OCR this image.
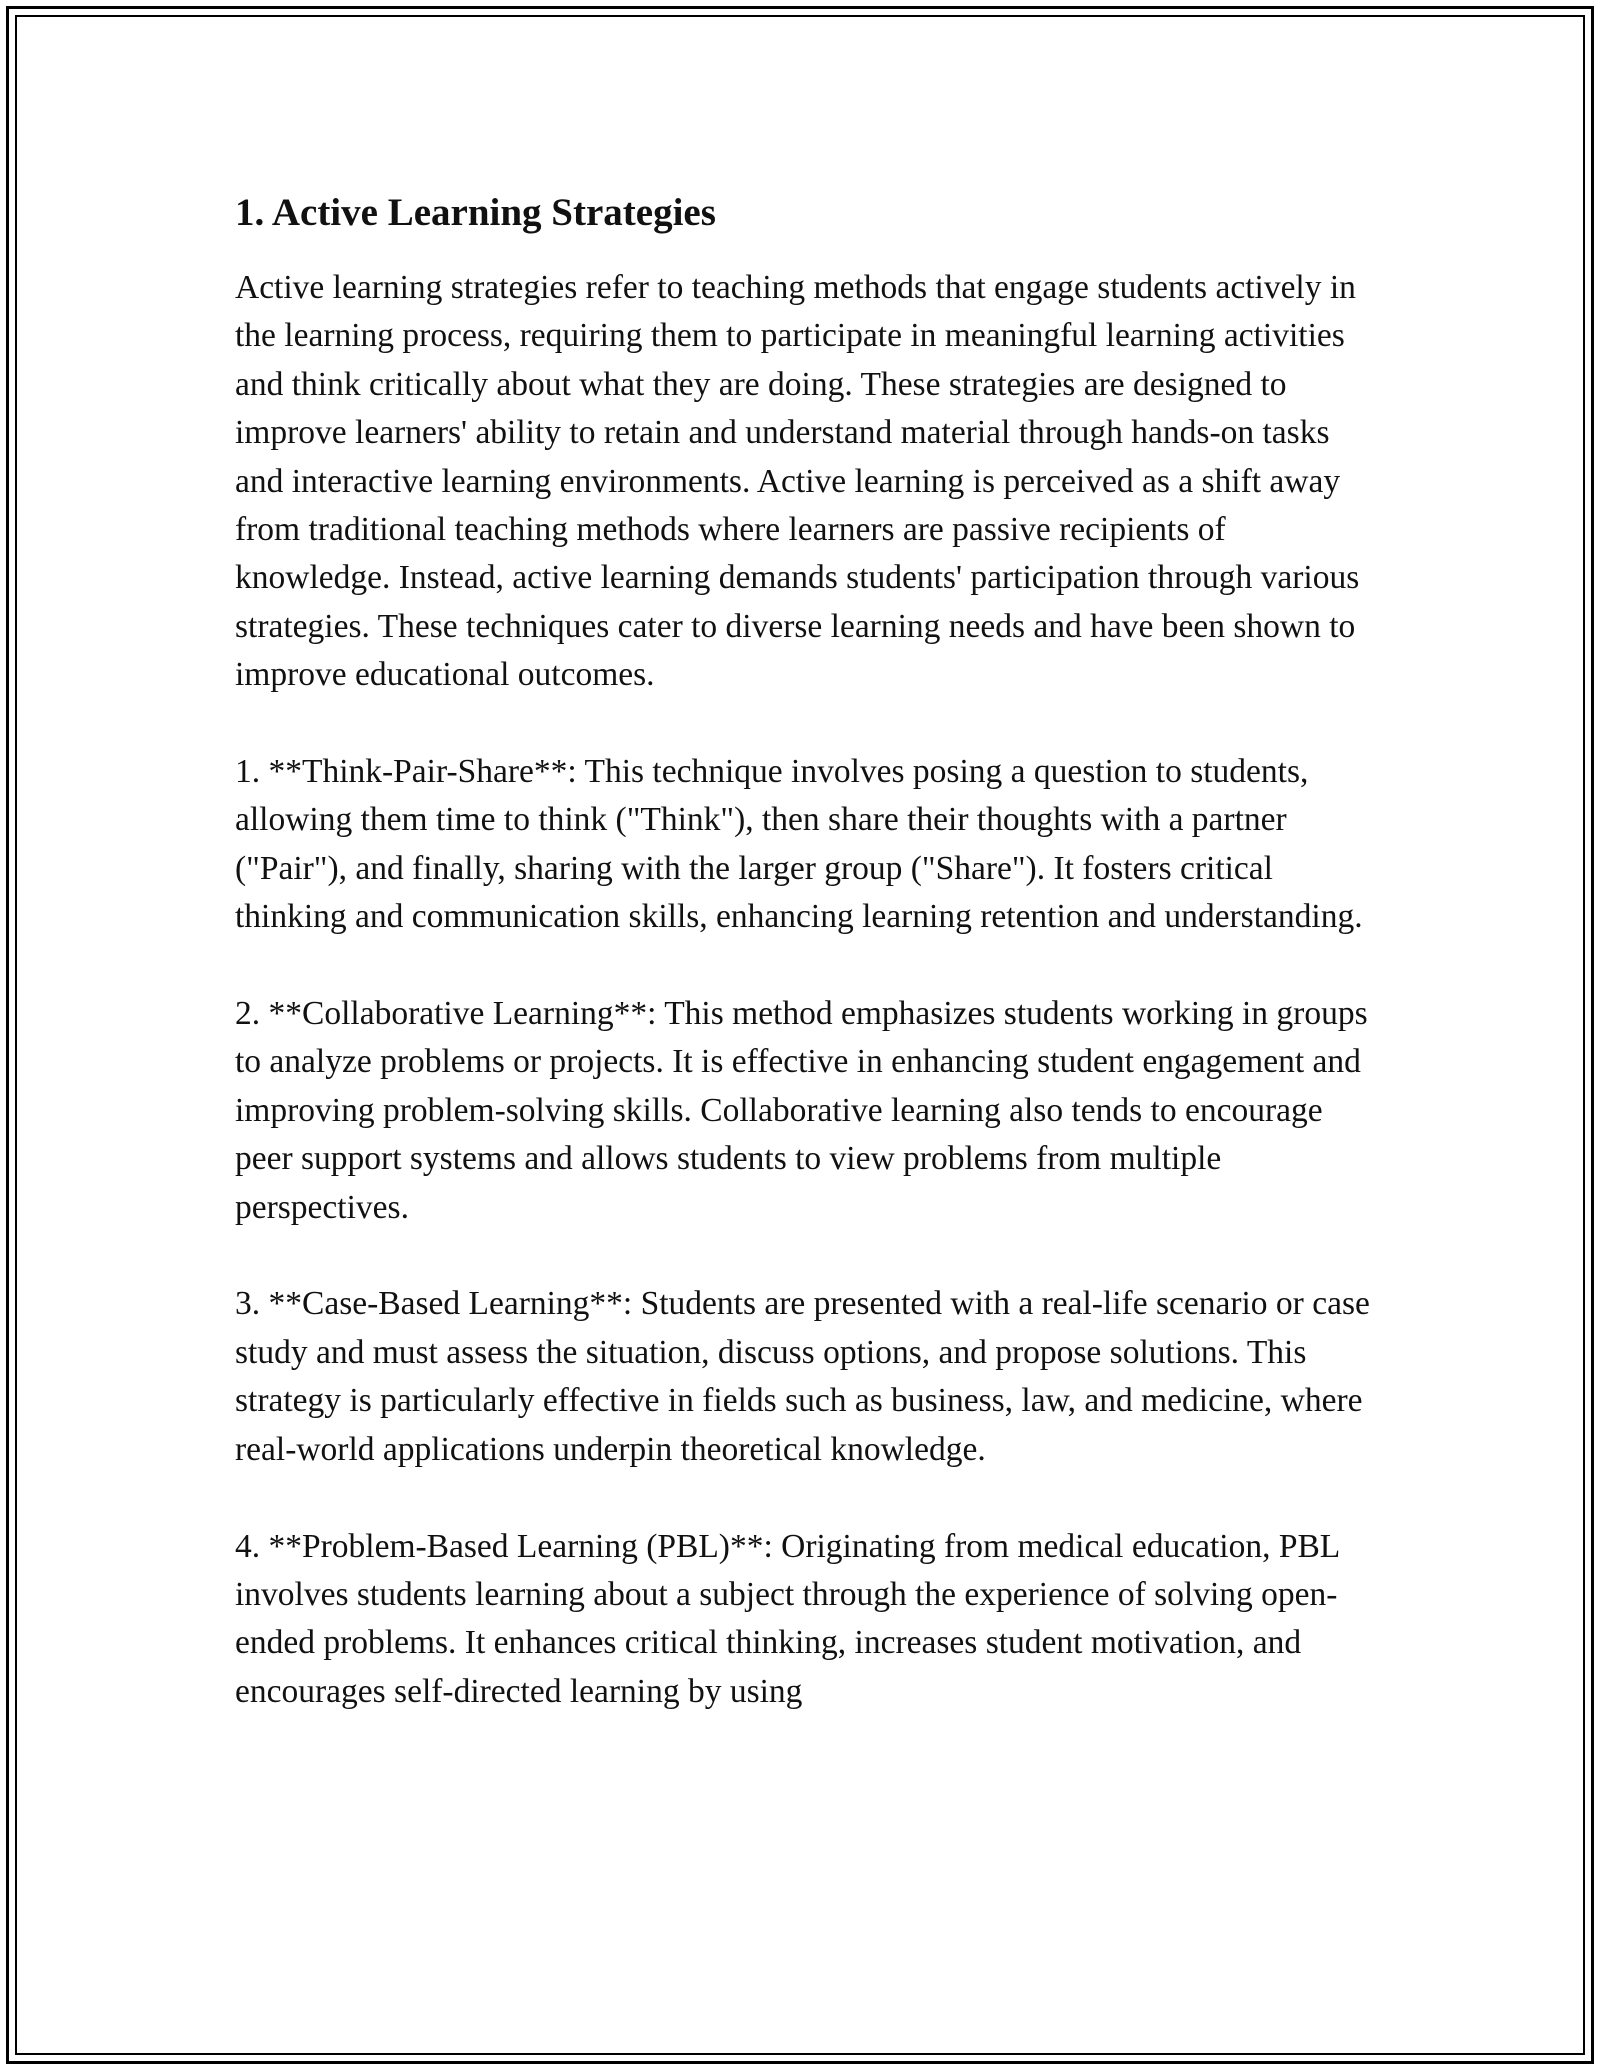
1. Active Learning Strategies

Active learning strategies refer to teaching methods that engage students actively in the learning process, requiring them to participate in meaningful learning activities and think critically about what they are doing. These strategies are designed to improve learners' ability to retain and understand material through hands-on tasks and interactive learning environments. Active learning is perceived as a shift away from traditional teaching methods where learners are passive recipients of knowledge. Instead, active learning demands students' participation through various strategies. These techniques cater to diverse learning needs and have been shown to improve educational outcomes.

1. **Think-Pair-Share**: This technique involves posing a question to students, allowing them time to think ("Think"), then share their thoughts with a partner ("Pair"), and finally, sharing with the larger group ("Share"). It fosters critical thinking and communication skills, enhancing learning retention and understanding.

2. **Collaborative Learning**: This method emphasizes students working in groups to analyze problems or projects. It is effective in enhancing student engagement and improving problem-solving skills. Collaborative learning also tends to encourage peer support systems and allows students to view problems from multiple perspectives.

3. **Case-Based Learning**: Students are presented with a real-life scenario or case study and must assess the situation, discuss options, and propose solutions. This strategy is particularly effective in fields such as business, law, and medicine, where real-world applications underpin theoretical knowledge.

4. **Problem-Based Learning (PBL)**: Originating from medical education, PBL involves students learning about a subject through the experience of solving open-ended problems. It enhances critical thinking, increases student motivation, and encourages self-directed learning by using
